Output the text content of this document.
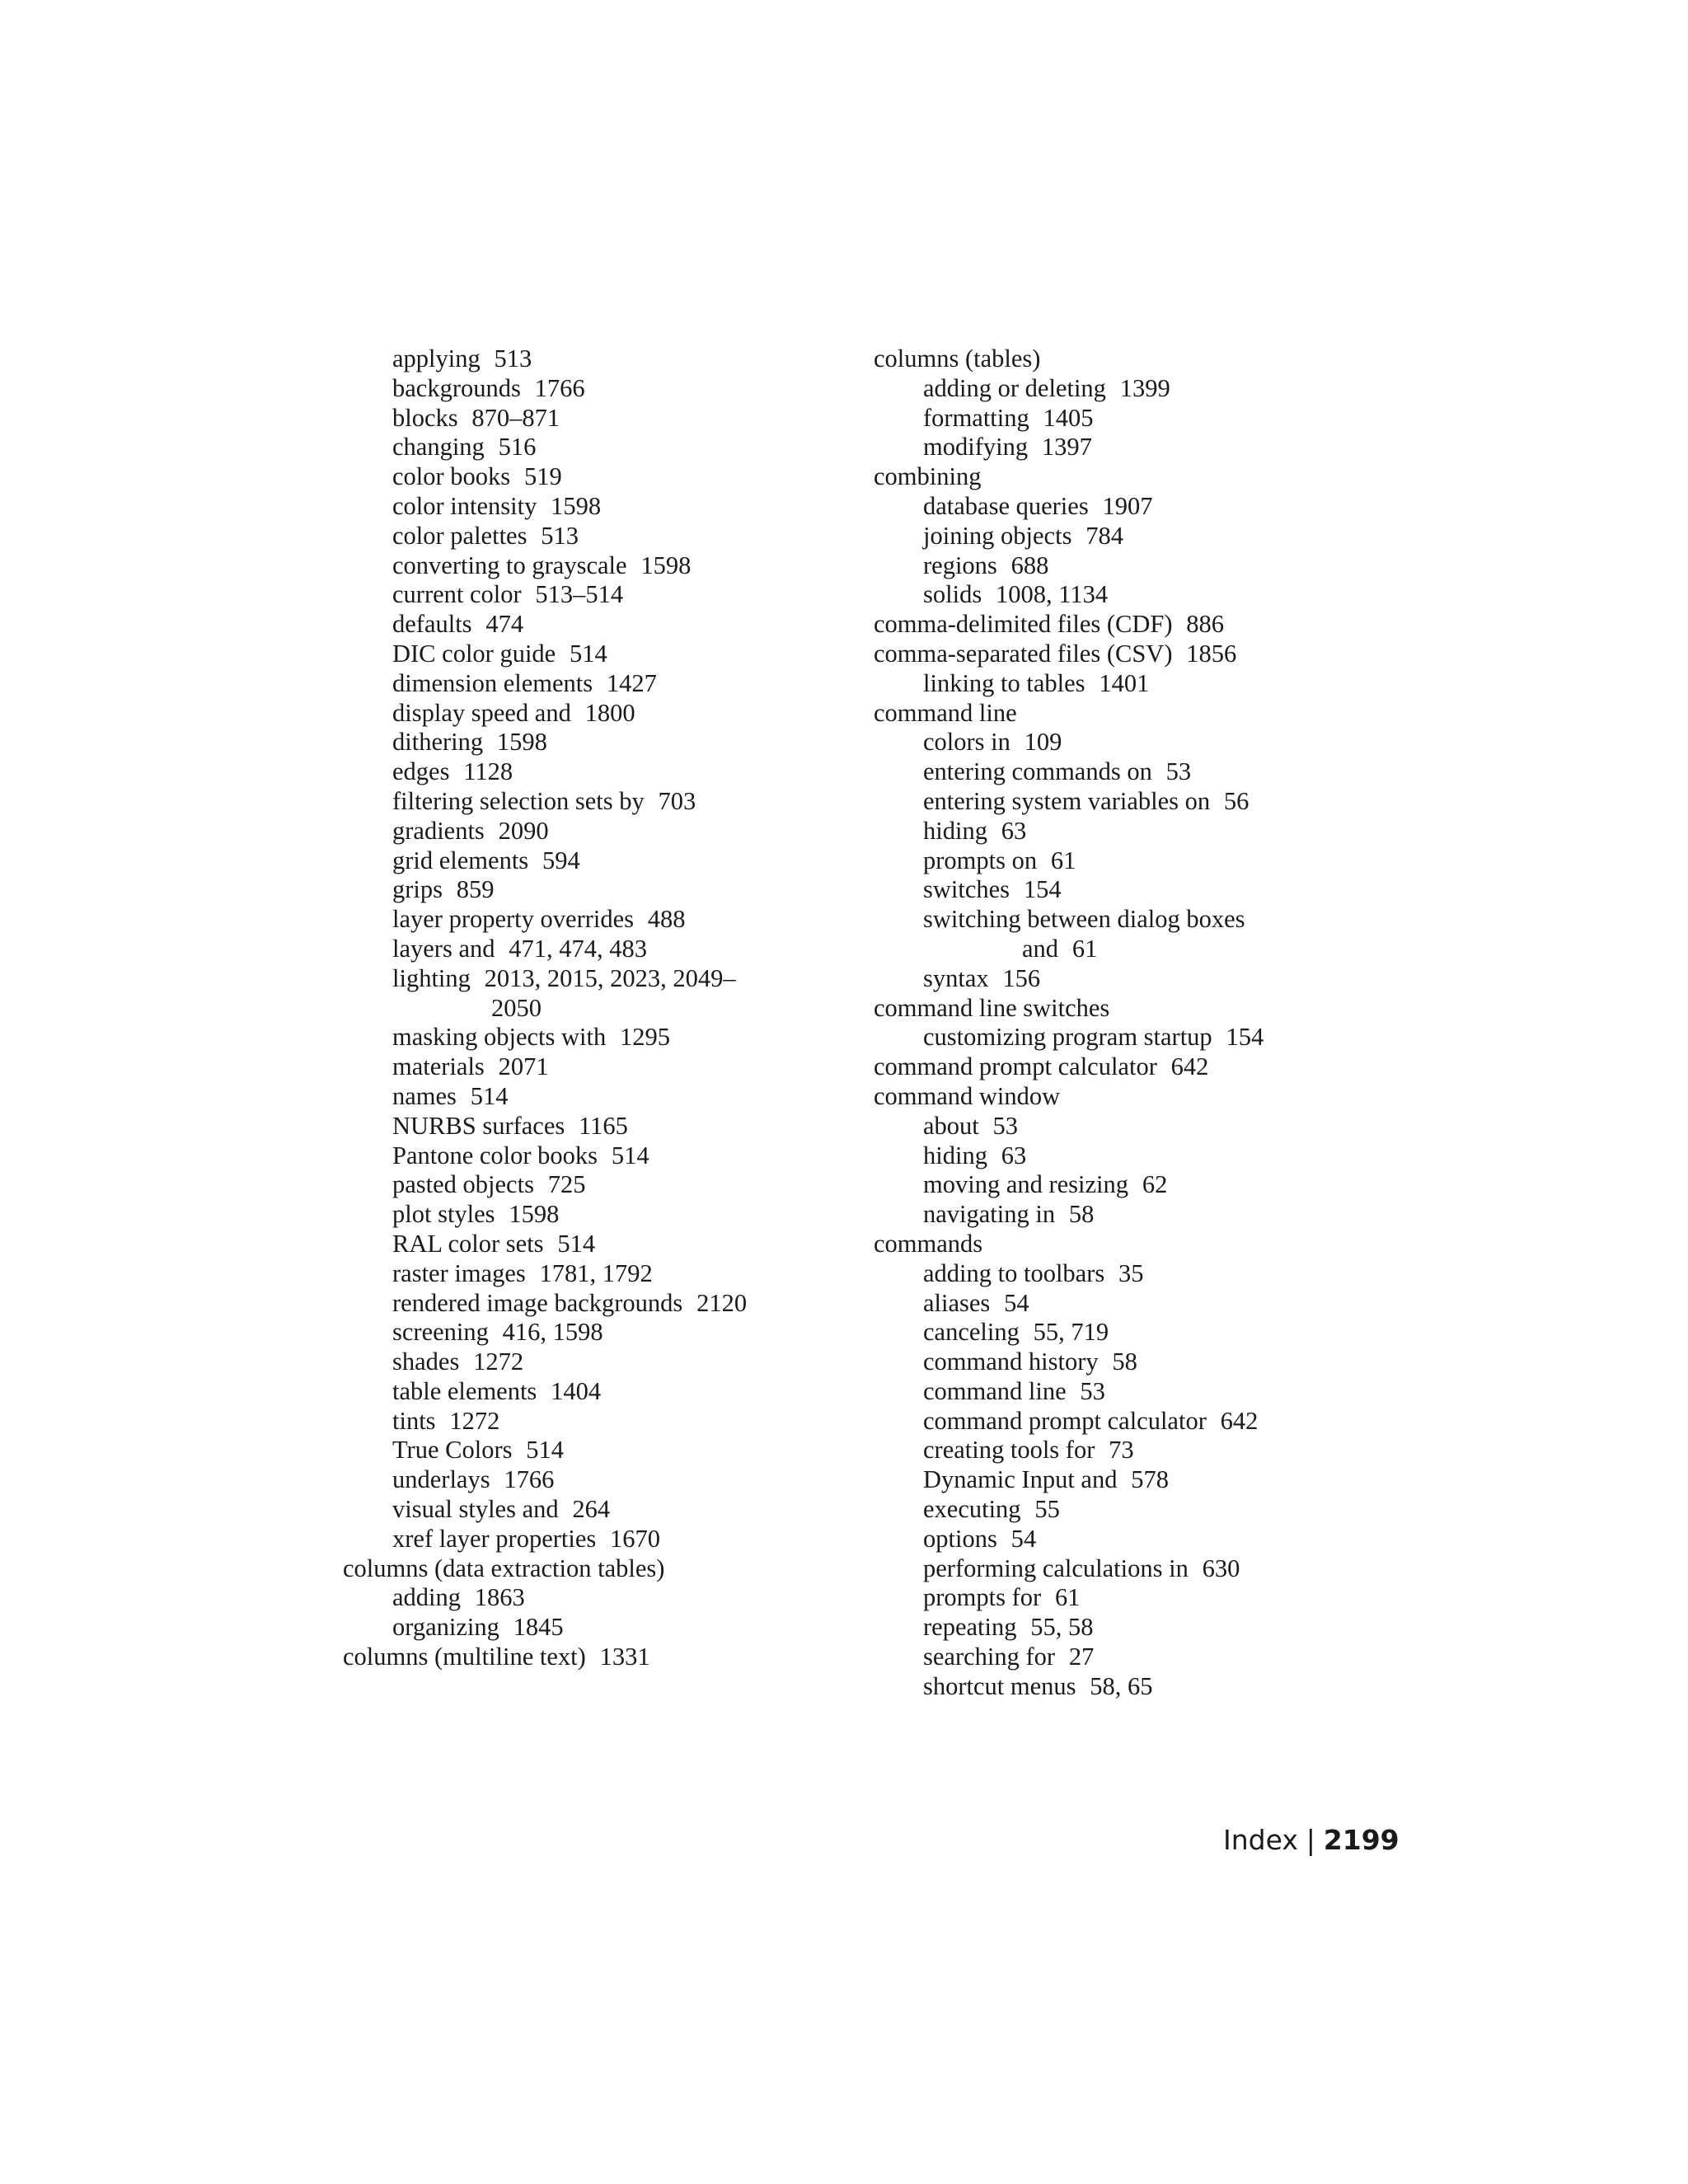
applying 513
backgrounds 1766
blocks 870–871
changing 516
color books 519
color intensity 1598
color palettes 513
converting to grayscale 1598
current color 513–514
defaults 474
DIC color guide 514
dimension elements 1427
display speed and 1800
dithering 1598
edges 1128
filtering selection sets by 703
gradients 2090
grid elements 594
grips 859
layer property overrides 488
layers and 471, 474, 483
lighting 2013, 2015, 2023, 2049–
2050
masking objects with 1295
materials 2071
names 514
NURBS surfaces 1165
Pantone color books 514
pasted objects 725
plot styles 1598
RAL color sets 514
raster images 1781, 1792
rendered image backgrounds 2120
screening 416, 1598
shades 1272
table elements 1404
tints 1272
True Colors 514
underlays 1766
visual styles and 264
xref layer properties 1670
columns (data extraction tables)
adding 1863
organizing 1845
columns (multiline text) 1331
columns (tables)
adding or deleting 1399
formatting 1405
modifying 1397
combining
database queries 1907
joining objects 784
regions 688
solids 1008, 1134
comma-delimited files (CDF) 886
comma-separated files (CSV) 1856
linking to tables 1401
command line
colors in 109
entering commands on 53
entering system variables on 56
hiding 63
prompts on 61
switches 154
switching between dialog boxes
and 61
syntax 156
command line switches
customizing program startup 154
command prompt calculator 642
command window
about 53
hiding 63
moving and resizing 62
navigating in 58
commands
adding to toolbars 35
aliases 54
canceling 55, 719
command history 58
command line 53
command prompt calculator 642
creating tools for 73
Dynamic Input and 578
executing 55
options 54
performing calculations in 630
prompts for 61
repeating 55, 58
searching for 27
shortcut menus 58, 65
Index | 2199
